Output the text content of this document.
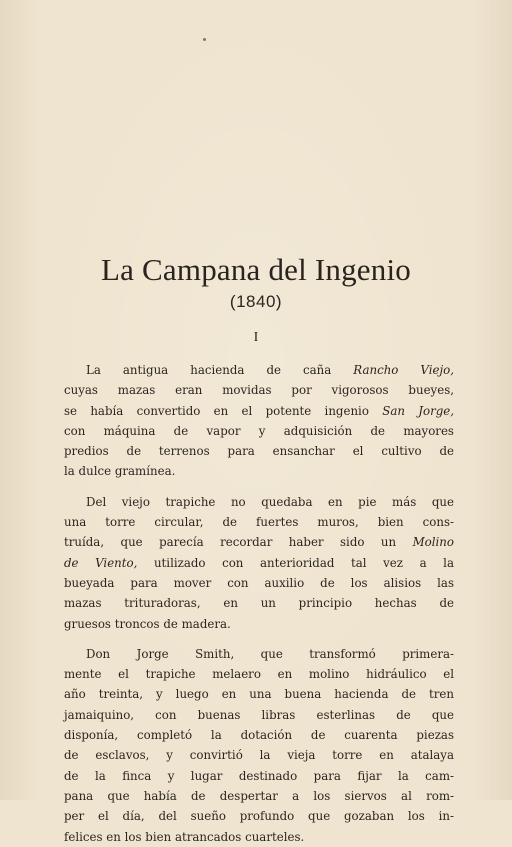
La Campana del Ingenio
(1840)
I
La antigua hacienda de caña Rancho Viejo,
cuyas mazas eran movidas por vigorosos bueyes,
se había convertido en el potente ingenio San Jorge,
con máquina de vapor y adquisición de mayores
predios de terrenos para ensanchar el cultivo de
la dulce gramínea.
Del viejo trapiche no quedaba en pie más que
una torre circular, de fuertes muros, bien cons-
truída, que parecía recordar haber sido un Molino
de Viento, utilizado con anterioridad tal vez a la
bueyada para mover con auxilio de los alisios las
mazas trituradoras, en un principio hechas de
gruesos troncos de madera.
Don Jorge Smith, que transformó primera-
mente el trapiche melaero en molino hidráulico el
año treinta, y luego en una buena hacienda de tren
jamaiquino, con buenas libras esterlinas de que
disponía, completó la dotación de cuarenta piezas
de esclavos, y convirtió la vieja torre en atalaya
de la finca y lugar destinado para fijar la cam-
pana que había de despertar a los siervos al rom-
per el día, del sueño profundo que gozaban los in-
felices en los bien atrancados cuarteles.
